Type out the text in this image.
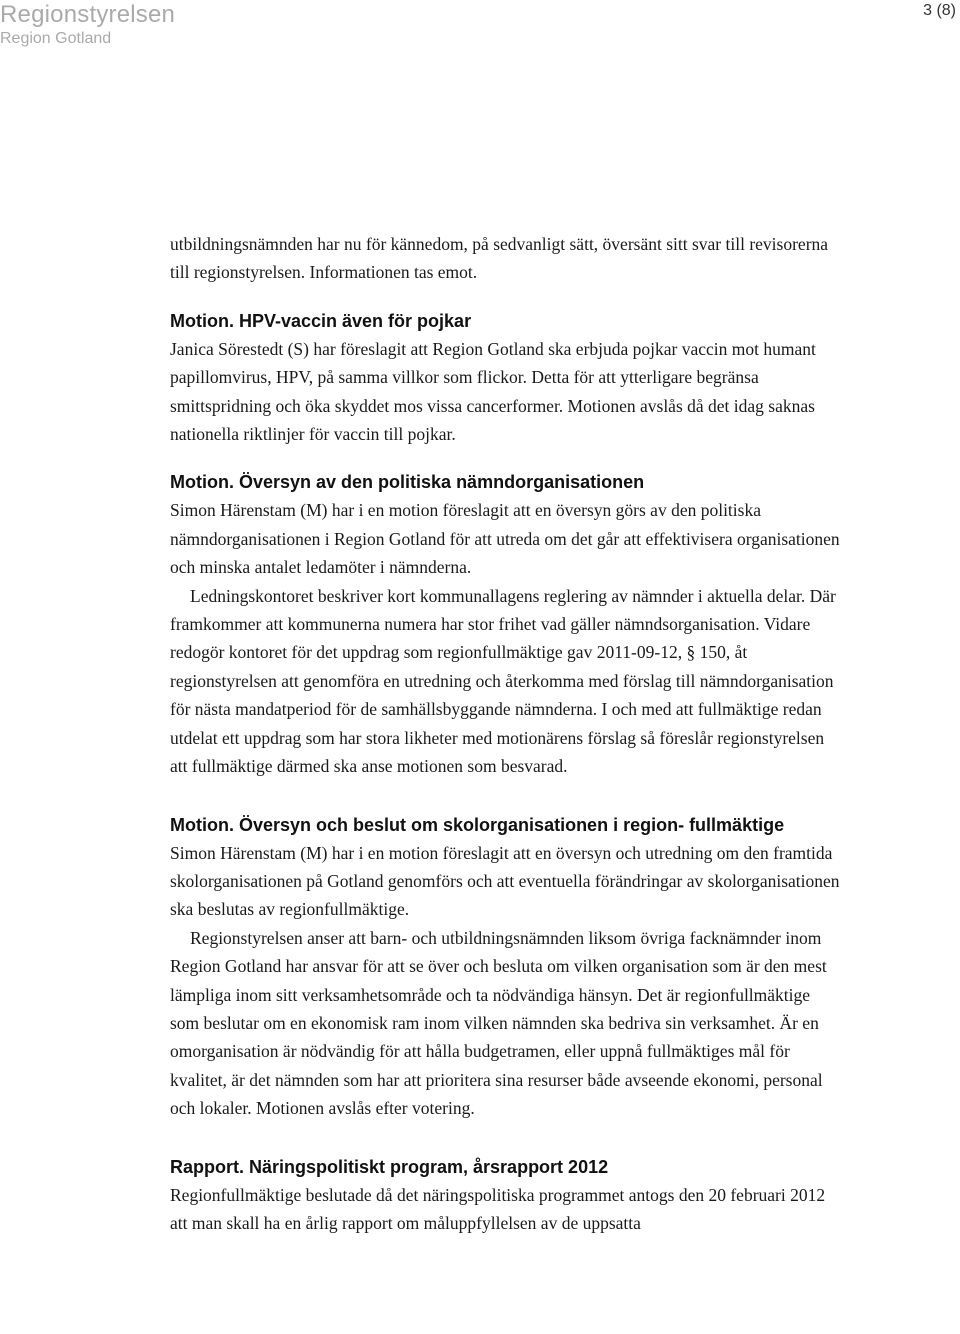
Regionstyrelsen
Region Gotland
3 (8)

utbildningsnämnden har nu för kännedom, på sedvanligt sätt, översänt sitt svar till revisorerna till regionstyrelsen. Informationen tas emot.

Motion. HPV-vaccin även för pojkar

Janica Sörestedt (S) har föreslagit att Region Gotland ska erbjuda pojkar vaccin mot humant papillomvirus, HPV, på samma villkor som flickor. Detta för att ytterligare begränsa smittspridning och öka skyddet mos vissa cancerformer. Motionen avslås då det idag saknas nationella riktlinjer för vaccin till pojkar.

Motion. Översyn av den politiska nämndorganisationen

Simon Härenstam (M) har i en motion föreslagit att en översyn görs av den politiska nämndorganisationen i Region Gotland för att utreda om det går att effektivisera organisationen och minska antalet ledamöter i nämnderna.

Ledningskontoret beskriver kort kommunallagens reglering av nämnder i aktuella delar. Där framkommer att kommunerna numera har stor frihet vad gäller nämndsorganisation. Vidare redogör kontoret för det uppdrag som regionfullmäktige gav 2011-09-12, § 150, åt regionstyrelsen att genomföra en utredning och återkomma med förslag till nämndorganisation för nästa mandatperiod för de samhällsbyggande nämnderna. I och med att fullmäktige redan utdelat ett uppdrag som har stora likheter med motionärens förslag så föreslår regionstyrelsen att fullmäktige därmed ska anse motionen som besvarad.

Motion. Översyn och beslut om skolorganisationen i region- fullmäktige

Simon Härenstam (M) har i en motion föreslagit att en översyn och utredning om den framtida skolorganisationen på Gotland genomförs och att eventuella förändringar av skolorganisationen ska beslutas av regionfullmäktige.

Regionstyrelsen anser att barn- och utbildningsnämnden liksom övriga facknämnder inom Region Gotland har ansvar för att se över och besluta om vilken organisation som är den mest lämpliga inom sitt verksamhetsområde och ta nödvändiga hänsyn. Det är regionfullmäktige som beslutar om en ekonomisk ram inom vilken nämnden ska bedriva sin verksamhet. Är en omorganisation är nödvändig för att hålla budgetramen, eller uppnå fullmäktiges mål för kvalitet, är det nämnden som har att prioritera sina resurser både avseende ekonomi, personal och lokaler. Motionen avslås efter votering.

Rapport. Näringspolitiskt program, årsrapport 2012

Regionfullmäktige beslutade då det näringspolitiska programmet antogs den 20 februari 2012 att man skall ha en årlig rapport om måluppfyllelsen av de uppsatta
